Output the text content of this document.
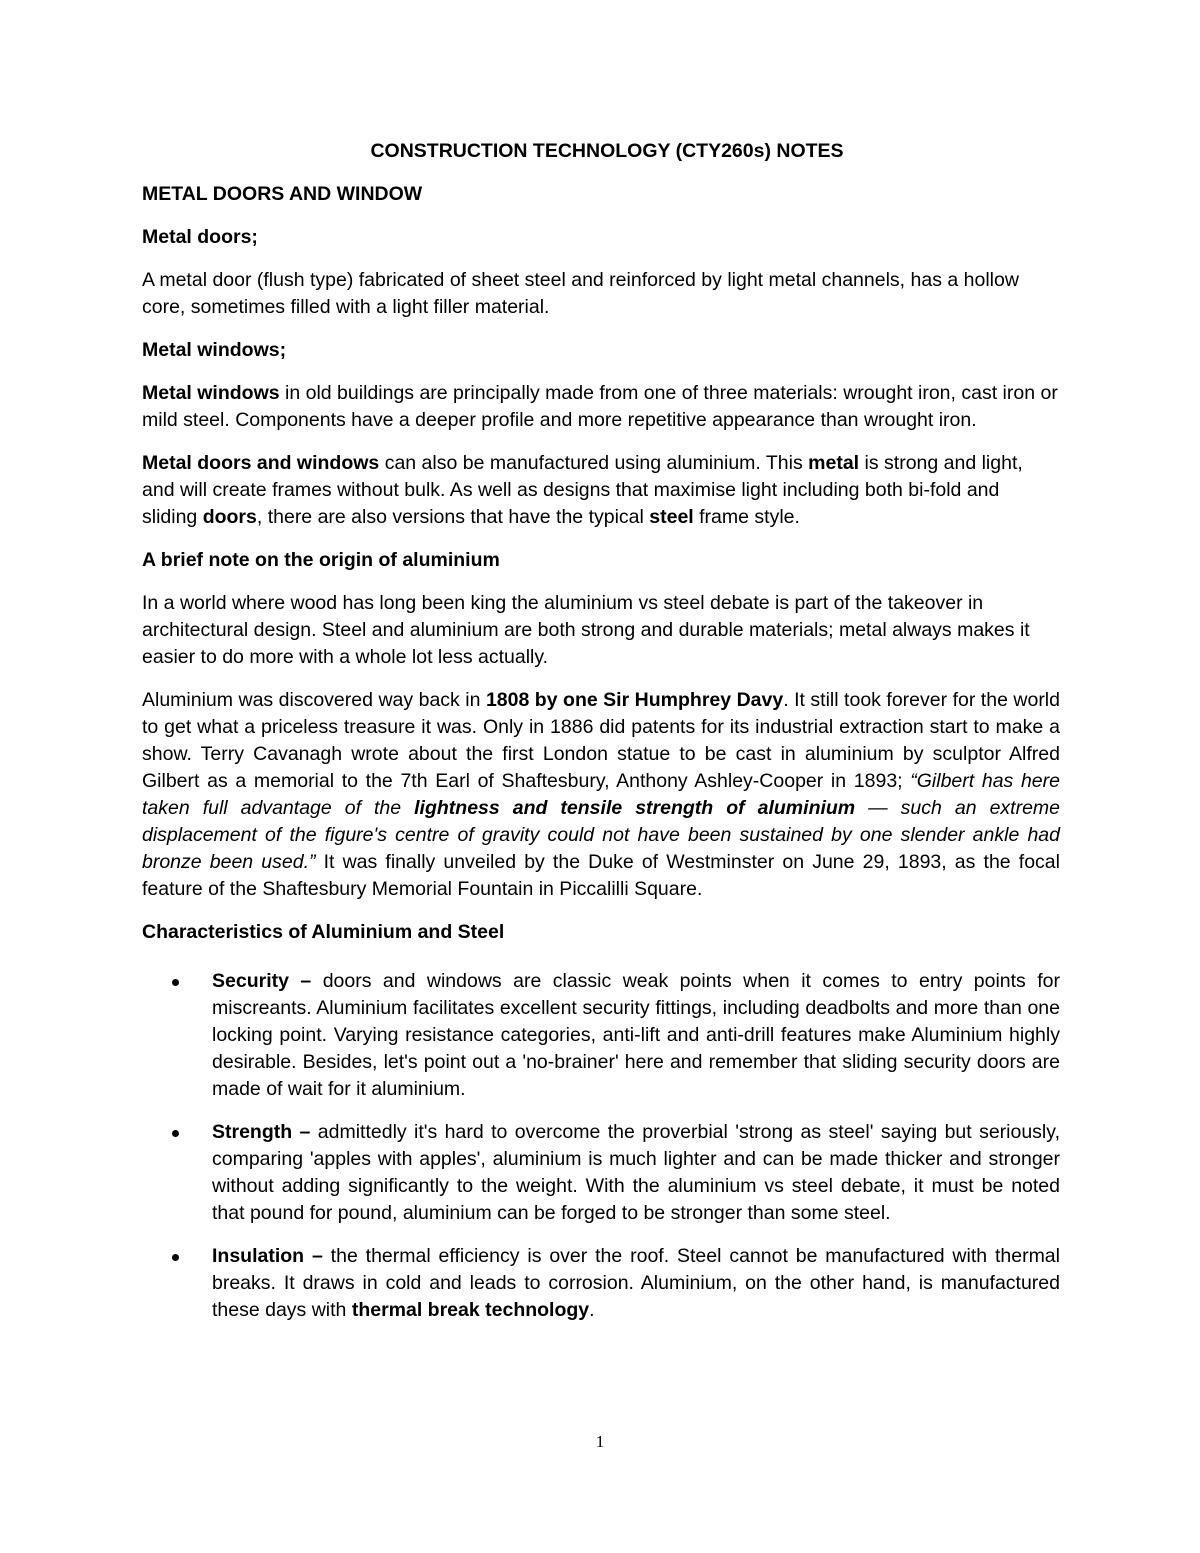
CONSTRUCTION TECHNOLOGY (CTY260s) NOTES
METAL DOORS AND WINDOW
Metal doors;

A metal door (flush type) fabricated of sheet steel and reinforced by light metal channels, has a hollow core, sometimes filled with a light filler material.

Metal windows;

Metal windows in old buildings are principally made from one of three materials: wrought iron, cast iron or mild steel. Components have a deeper profile and more repetitive appearance than wrought iron.

Metal doors and windows can also be manufactured using aluminium. This metal is strong and light, and will create frames without bulk. As well as designs that maximise light including both bi-fold and sliding doors, there are also versions that have the typical steel frame style.

A brief note on the origin of aluminium

In a world where wood has long been king the aluminium vs steel debate is part of the takeover in architectural design. Steel and aluminium are both strong and durable materials; metal always makes it easier to do more with a whole lot less actually.

Aluminium was discovered way back in 1808 by one Sir Humphrey Davy. It still took forever for the world to get what a priceless treasure it was. Only in 1886 did patents for its industrial extraction start to make a show. Terry Cavanagh wrote about the first London statue to be cast in aluminium by sculptor Alfred Gilbert as a memorial to the 7th Earl of Shaftesbury, Anthony Ashley-Cooper in 1893; “Gilbert has here taken full advantage of the lightness and tensile strength of aluminium — such an extreme displacement of the figure's centre of gravity could not have been sustained by one slender ankle had bronze been used.” It was finally unveiled by the Duke of Westminster on June 29, 1893, as the focal feature of the Shaftesbury Memorial Fountain in Piccalilli Square.

Characteristics of Aluminium and Steel
Security – doors and windows are classic weak points when it comes to entry points for miscreants. Aluminium facilitates excellent security fittings, including deadbolts and more than one locking point. Varying resistance categories, anti-lift and anti-drill features make Aluminium highly desirable. Besides, let's point out a 'no-brainer' here and remember that sliding security doors are made of wait for it aluminium.
Strength – admittedly it's hard to overcome the proverbial 'strong as steel' saying but seriously, comparing 'apples with apples', aluminium is much lighter and can be made thicker and stronger without adding significantly to the weight. With the aluminium vs steel debate, it must be noted that pound for pound, aluminium can be forged to be stronger than some steel.
Insulation – the thermal efficiency is over the roof. Steel cannot be manufactured with thermal breaks. It draws in cold and leads to corrosion. Aluminium, on the other hand, is manufactured these days with thermal break technology.
1
